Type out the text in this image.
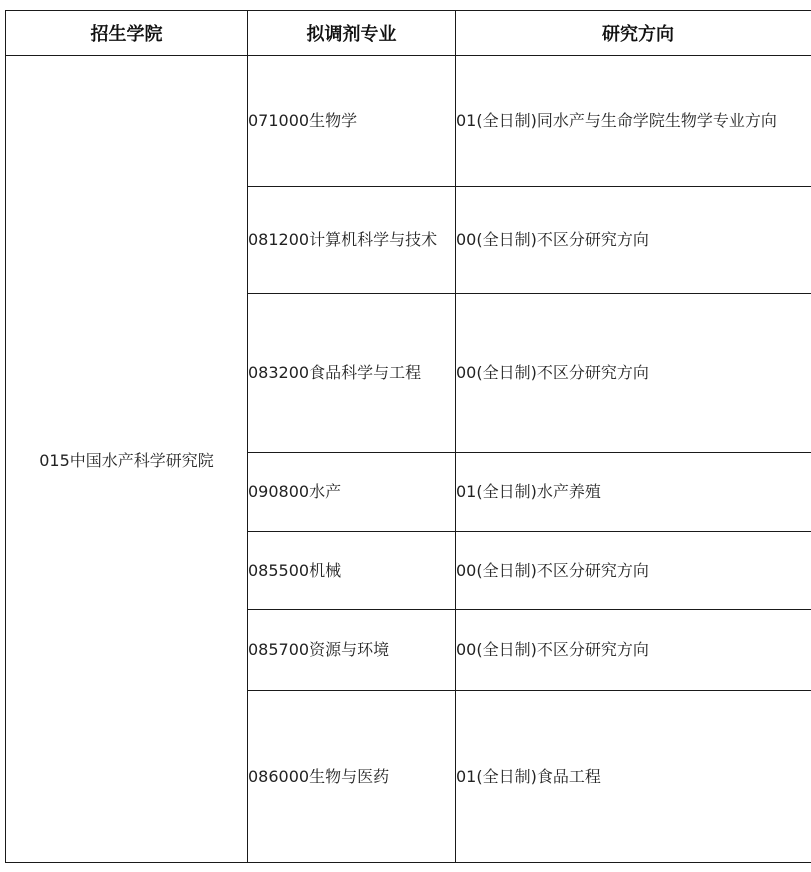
招生学院	拟调剂专业	研究方向
015中国水产科学研究院	071000生物学	01(全日制)同水产与生命学院生物学专业方向

	081200计算机科学与技术	00(全日制)不区分研究方向

	083200食品科学与工程	00(全日制)不区分研究方向

	090800水产	01(全日制)水产养殖

	085500机械	00(全日制)不区分研究方向

	085700资源与环境	00(全日制)不区分研究方向

	086000生物与医药	01(全日制)食品工程
